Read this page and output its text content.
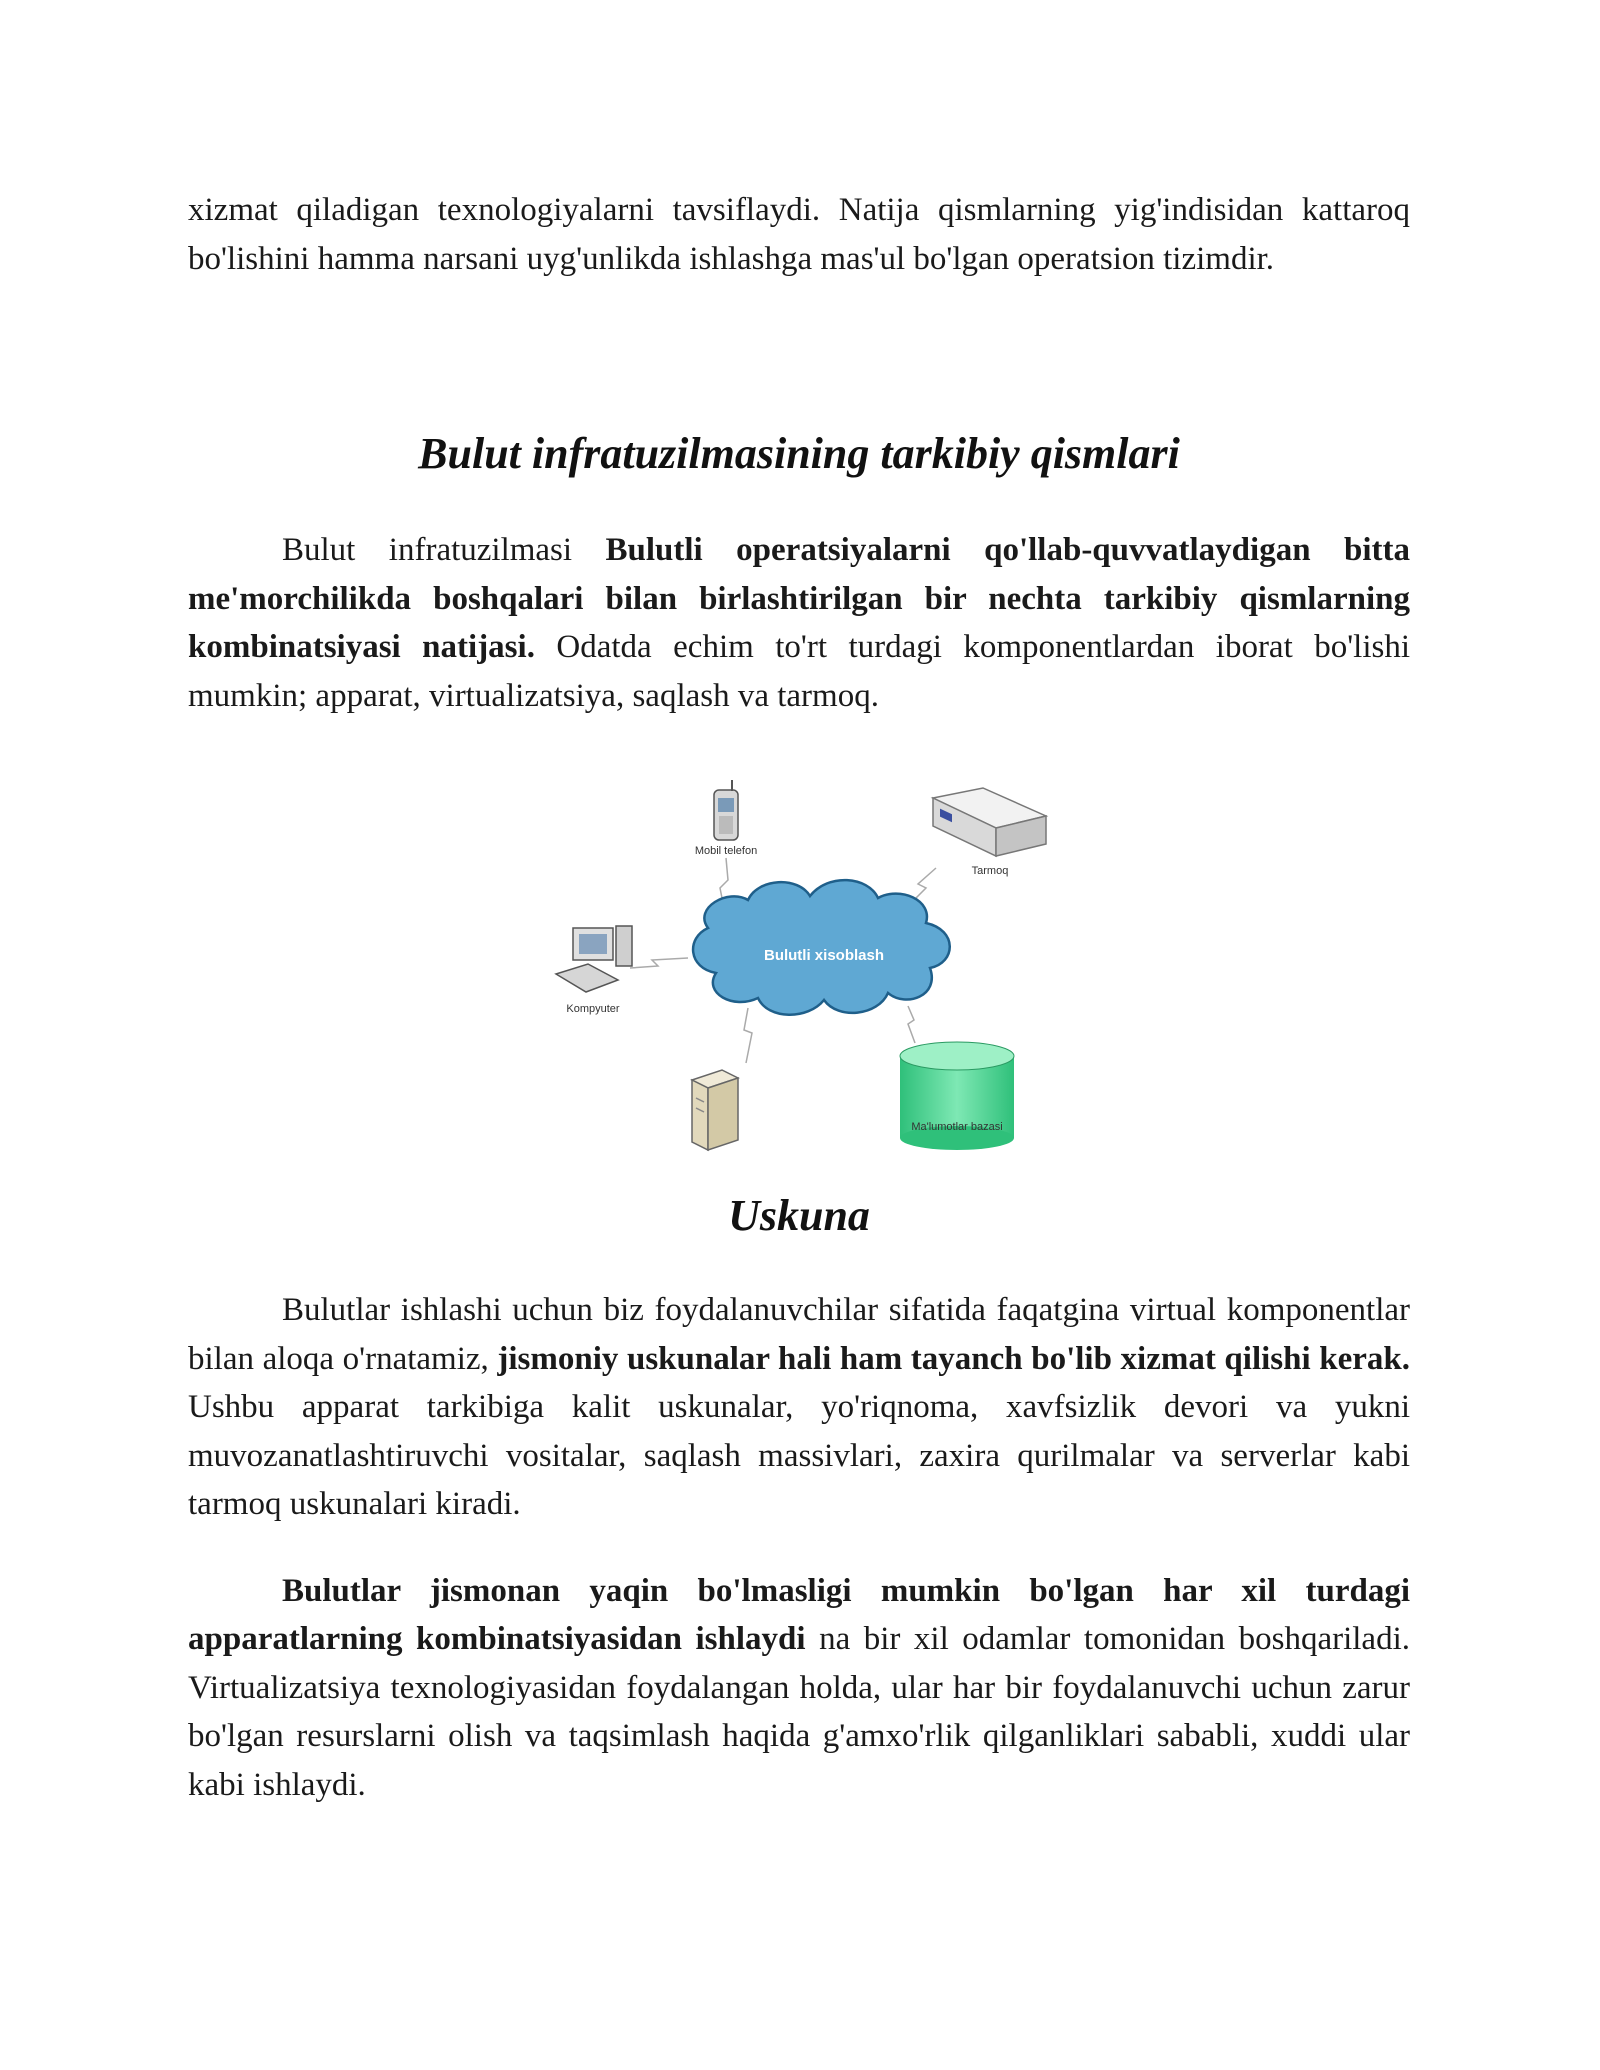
xizmat qiladigan texnologiyalarni tavsiflaydi. Natija qismlarning yig'indisidan kattaroq bo'lishini hamma narsani uyg'unlikda ishlashga mas'ul bo'lgan operatsion tizimdir.

Bulut infratuzilmasining tarkibiy qismlari

Bulut infratuzilmasi Bulutli operatsiyalarni qo'llab-quvvatlaydigan bitta me'morchilikda boshqalari bilan birlashtirilgan bir nechta tarkibiy qismlarning kombinatsiyasi natijasi. Odatda echim to'rt turdagi komponentlardan iborat bo'lishi mumkin; apparat, virtualizatsiya, saqlash va tarmoq.

Bulutli xisoblash
Mobil telefon
Tarmoq
Kompyuter
Ma'lumotlar bazasi
Uskuna

Bulutlar ishlashi uchun biz foydalanuvchilar sifatida faqatgina virtual komponentlar bilan aloqa o'rnatamiz, jismoniy uskunalar hali ham tayanch bo'lib xizmat qilishi kerak. Ushbu apparat tarkibiga kalit uskunalar, yo'riqnoma, xavfsizlik devori va yukni muvozanatlashtiruvchi vositalar, saqlash massivlari, zaxira qurilmalar va serverlar kabi tarmoq uskunalari kiradi.

Bulutlar jismonan yaqin bo'lmasligi mumkin bo'lgan har xil turdagi apparatlarning kombinatsiyasidan ishlaydi na bir xil odamlar tomonidan boshqariladi. Virtualizatsiya texnologiyasidan foydalangan holda, ular har bir foydalanuvchi uchun zarur bo'lgan resurslarni olish va taqsimlash haqida g'amxo'rlik qilganliklari sababli, xuddi ular kabi ishlaydi.
